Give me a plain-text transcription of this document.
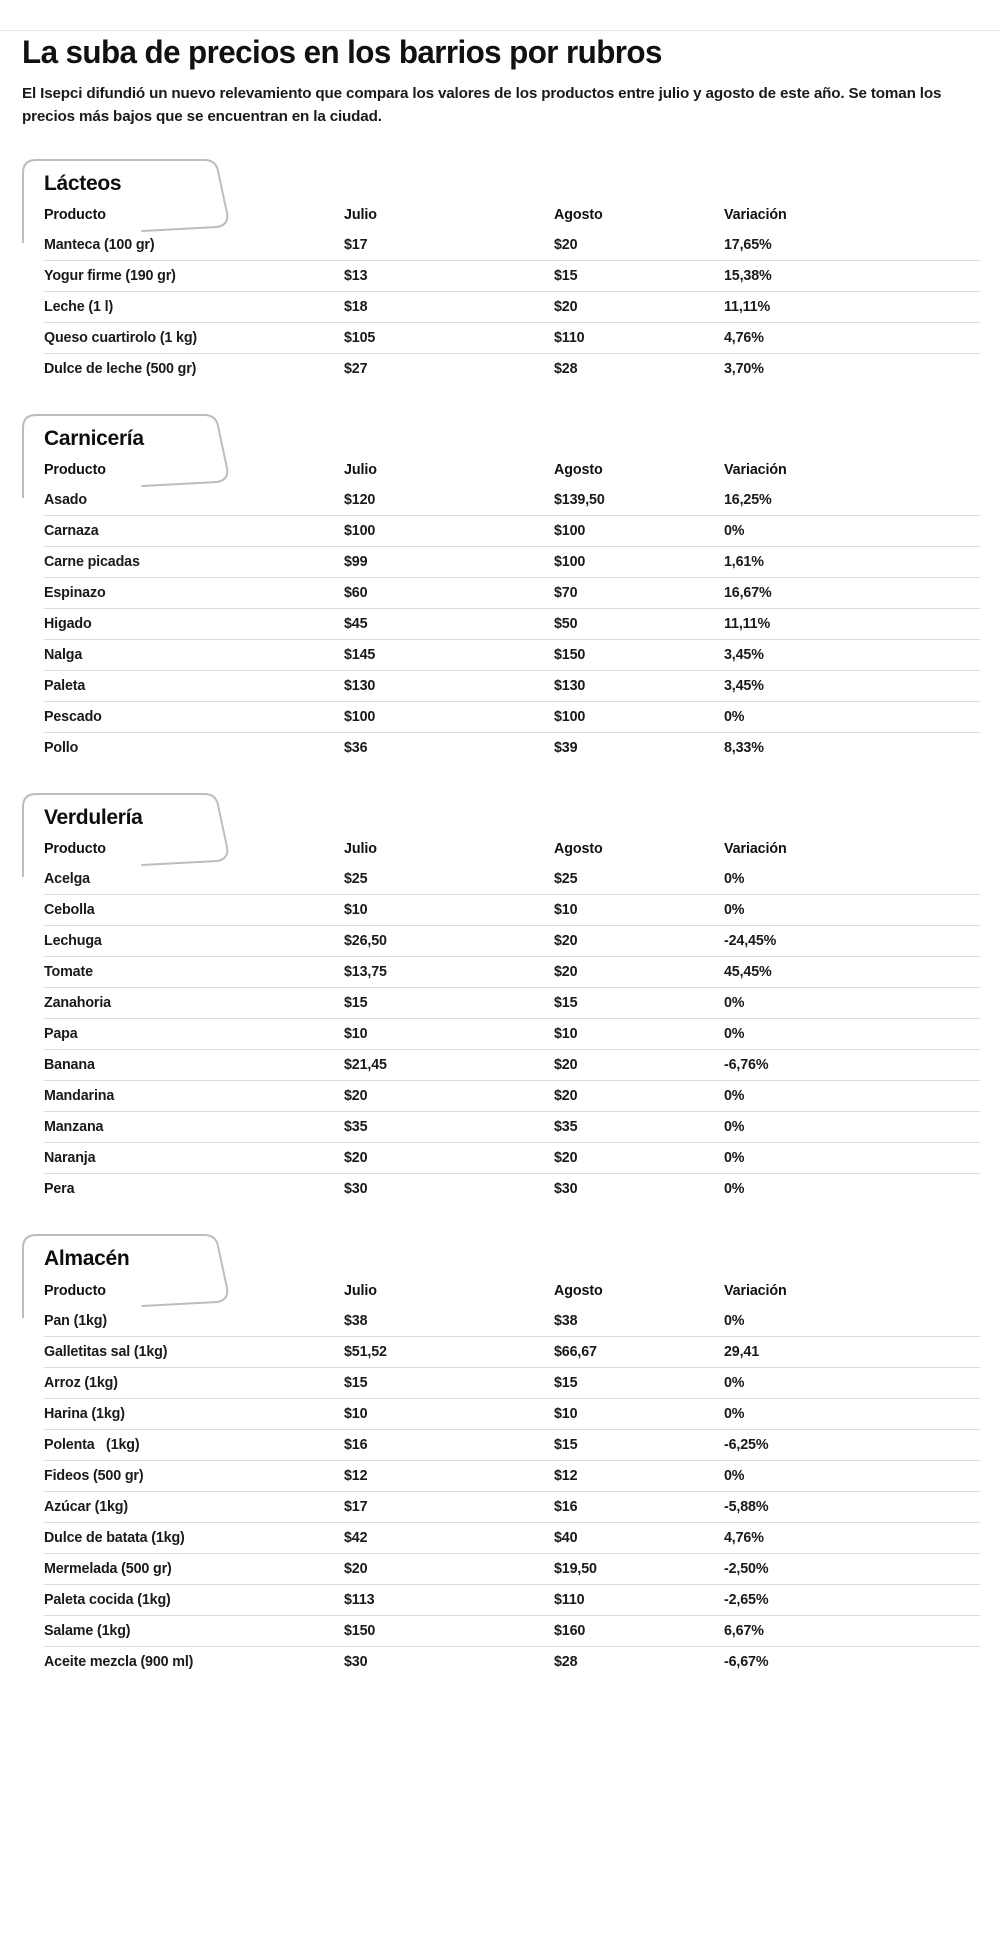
La suba de precios en los barrios por rubros

El Isepci difundió un nuevo relevamiento que compara los valores de los productos entre julio y agosto de este año. Se toman los precios más bajos que se encuentran en la ciudad.

Lácteos
Producto	Julio	Agosto	Variación
Manteca (100 gr)	$17	$20	17,65%
Yogur firme (190 gr)	$13	$15	15,38%
Leche (1 l)	$18	$20	11,11%
Queso cuartirolo (1 kg)	$105	$110	4,76%
Dulce de leche (500 gr)	$27	$28	3,70%
Carnicería
Producto	Julio	Agosto	Variación
Asado	$120	$139,50	16,25%
Carnaza	$100	$100	0%
Carne picadas	$99	$100	1,61%
Espinazo	$60	$70	16,67%
Higado	$45	$50	11,11%
Nalga	$145	$150	3,45%
Paleta	$130	$130	3,45%
Pescado	$100	$100	0%
Pollo	$36	$39	8,33%
Verdulería
Producto	Julio	Agosto	Variación
Acelga	$25	$25	0%
Cebolla	$10	$10	0%
Lechuga	$26,50	$20	-24,45%
Tomate	$13,75	$20	45,45%
Zanahoria	$15	$15	0%
Papa	$10	$10	0%
Banana	$21,45	$20	-6,76%
Mandarina	$20	$20	0%
Manzana	$35	$35	0%
Naranja	$20	$20	0%
Pera	$30	$30	0%
Almacén
Producto	Julio	Agosto	Variación
Pan (1kg)	$38	$38	0%
Galletitas sal (1kg)	$51,52	$66,67	29,41
Arroz (1kg)	$15	$15	0%
Harina (1kg)	$10	$10	0%
Polenta   (1kg)	$16	$15	-6,25%
Fideos (500 gr)	$12	$12	0%
Azúcar (1kg)	$17	$16	-5,88%
Dulce de batata (1kg)	$42	$40	4,76%
Mermelada (500 gr)	$20	$19,50	-2,50%
Paleta cocida (1kg)	$113	$110	-2,65%
Salame (1kg)	$150	$160	6,67%
Aceite mezcla (900 ml)	$30	$28	-6,67%
